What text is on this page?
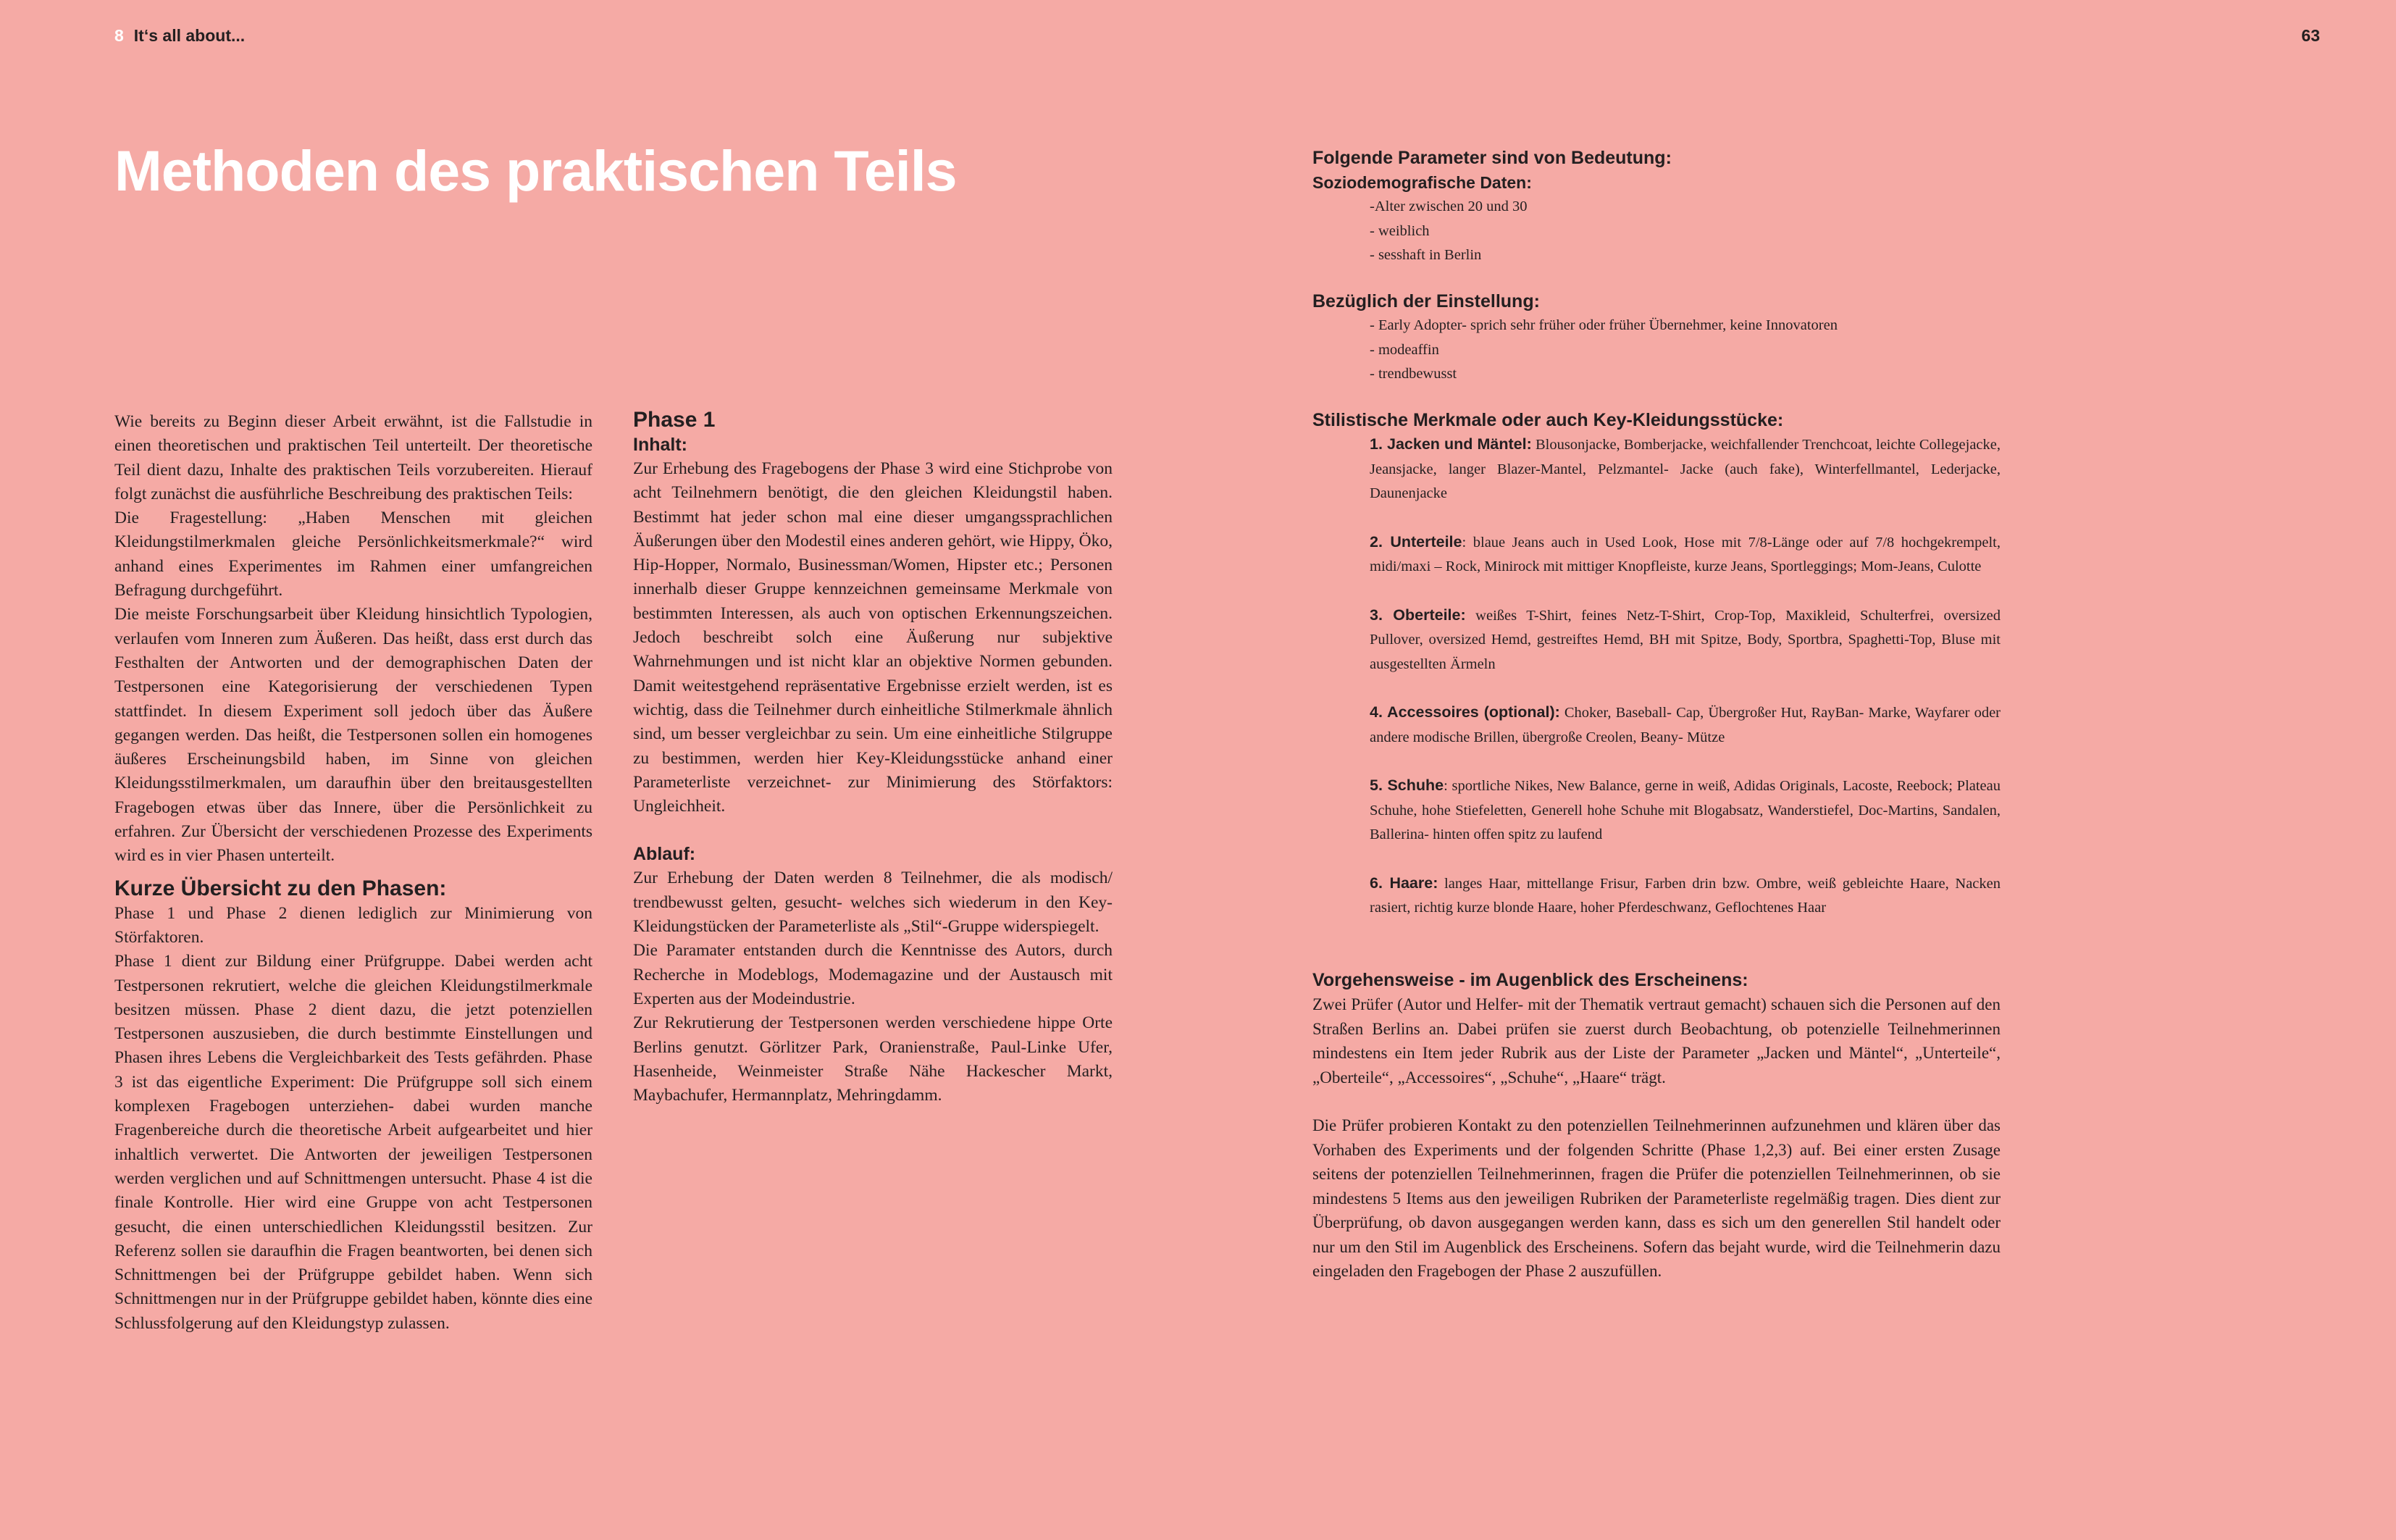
8 It‘s all about...	63
Methoden des praktischen Teils

Wie bereits zu Beginn dieser Arbeit erwähnt, ist die Fallstudie in einen theoretischen und praktischen Teil unterteilt. Der theoretische Teil dient dazu, Inhalte des praktischen Teils vorzubereiten. Hierauf folgt zunächst die ausführliche Beschreibung des praktischen Teils:

Die Fragestellung: „Haben Menschen mit gleichen Kleidungstilmerkmalen gleiche Persönlichkeitsmerkmale?“ wird anhand eines Experimentes im Rahmen einer umfangreichen Befragung durchgeführt.

Die meiste Forschungsarbeit über Kleidung hinsichtlich Typologien, verlaufen vom Inneren zum Äußeren. Das heißt, dass erst durch das Festhalten der Antworten und der demographischen Daten der Testpersonen eine Kategorisierung der verschiedenen Typen stattfindet. In diesem Experiment soll jedoch über das Äußere gegangen werden. Das heißt, die Testpersonen sollen ein homogenes äußeres Erscheinungsbild haben, im Sinne von gleichen Kleidungsstilmerkmalen, um daraufhin über den breitausgestellten Fragebogen etwas über das Innere, über die Persönlichkeit zu erfahren. Zur Übersicht der verschiedenen Prozesse des Experiments wird es in vier Phasen unterteilt.

Kurze Übersicht zu den Phasen:

Phase 1 und Phase 2 dienen lediglich zur Minimierung von Störfaktoren.

Phase 1 dient zur Bildung einer Prüfgruppe. Dabei werden acht Testpersonen rekrutiert, welche die gleichen Kleidungstilmerkmale besitzen müssen. Phase 2 dient dazu, die jetzt potenziellen Testpersonen auszusieben, die durch bestimmte Einstellungen und Phasen ihres Lebens die Vergleichbarkeit des Tests gefährden. Phase 3 ist das eigentliche Experiment: Die Prüfgruppe soll sich einem komplexen Fragebogen unterziehen- dabei wurden manche Fragenbereiche durch die theoretische Arbeit aufgearbeitet und hier inhaltlich verwertet. Die Antworten der jeweiligen Testpersonen werden verglichen und auf Schnittmengen untersucht. Phase 4 ist die finale Kontrolle. Hier wird eine Gruppe von acht Testpersonen gesucht, die einen unterschiedlichen Kleidungsstil besitzen. Zur Referenz sollen sie daraufhin die Fragen beantworten, bei denen sich Schnittmengen bei der Prüfgruppe gebildet haben. Wenn sich Schnittmengen nur in der Prüfgruppe gebildet haben, könnte dies eine Schlussfolgerung auf den Kleidungstyp zulassen.

Phase 1

Inhalt:

Zur Erhebung des Fragebogens der Phase 3 wird eine Stichprobe von acht Teilnehmern benötigt, die den gleichen Kleidungstil haben. Bestimmt hat jeder schon mal eine dieser umgangssprachlichen Äußerungen über den Modestil eines anderen gehört, wie Hippy, Öko, Hip-Hopper, Normalo, Businessman/Women, Hipster etc.; Personen innerhalb dieser Gruppe kennzeichnen gemeinsame Merkmale von bestimmten Interessen, als auch von optischen Erkennungszeichen. Jedoch beschreibt solch eine Äußerung nur subjektive Wahrnehmungen und ist nicht klar an objektive Normen gebunden. Damit weitestgehend repräsentative Ergebnisse erzielt werden, ist es wichtig, dass die Teilnehmer durch einheitliche Stilmerkmale ähnlich sind, um besser vergleichbar zu sein. Um eine einheitliche Stilgruppe zu bestimmen, werden hier Key-Kleidungsstücke anhand einer Parameterliste verzeichnet- zur Minimierung des Störfaktors: Ungleichheit.

Ablauf:

Zur Erhebung der Daten werden 8 Teilnehmer, die als modisch/ trendbewusst gelten, gesucht- welches sich wiederum in den Key-Kleidungstücken der Parameterliste als „Stil“-Gruppe widerspiegelt.

Die Paramater entstanden durch die Kenntnisse des Autors, durch Recherche in Modeblogs, Modemagazine und der Austausch mit Experten aus der Modeindustrie.

Zur Rekrutierung der Testpersonen werden verschiedene hippe Orte Berlins genutzt. Görlitzer Park, Oranienstraße, Paul-Linke Ufer, Hasenheide, Weinmeister Straße Nähe Hackescher Markt, Maybachufer, Hermannplatz, Mehringdamm.

Folgende Parameter sind von Bedeutung:

Soziodemografische Daten:

-Alter zwischen 20 und 30
- weiblich
- sesshaft in Berlin

Bezüglich der Einstellung:

- Early Adopter- sprich sehr früher oder früher Übernehmer, keine Innovatoren
- modeaffin
- trendbewusst

Stilistische Merkmale oder auch Key-Kleidungsstücke:

1. Jacken und Mäntel: Blousonjacke, Bomberjacke, weichfallender Trenchcoat, leichte Collegejacke, Jeansjacke, langer Blazer-Mantel, Pelzmantel- Jacke (auch fake), Winterfellmantel, Lederjacke, Daunenjacke
2. Unterteile: blaue Jeans auch in Used Look, Hose mit 7/8-Länge oder auf 7/8 hochgekrempelt, midi/maxi – Rock, Minirock mit mittiger Knopfleiste, kurze Jeans, Sportleggings; Mom-Jeans, Culotte
3. Oberteile: weißes T-Shirt, feines Netz-T-Shirt, Crop-Top, Maxikleid, Schulterfrei, oversized Pullover, oversized Hemd, gestreiftes Hemd, BH mit Spitze, Body, Sportbra, Spaghetti-Top, Bluse mit ausgestellten Ärmeln
4. Accessoires (optional): Choker, Baseball- Cap, Übergroßer Hut, RayBan- Marke, Wayfarer oder andere modische Brillen, übergroße Creolen, Beany- Mütze
5. Schuhe: sportliche Nikes, New Balance, gerne in weiß, Adidas Originals, Lacoste, Reebock; Plateau Schuhe, hohe Stiefeletten, Generell hohe Schuhe mit Blogabsatz, Wanderstiefel, Doc-Martins, Sandalen, Ballerina- hinten offen spitz zu laufend
6. Haare: langes Haar, mittellange Frisur, Farben drin bzw. Ombre, weiß gebleichte Haare, Nacken rasiert, richtig kurze blonde Haare, hoher Pferdeschwanz, Geflochtenes Haar

Vorgehensweise - im Augenblick des Erscheinens:

Zwei Prüfer (Autor und Helfer- mit der Thematik vertraut gemacht) schauen sich die Personen auf den Straßen Berlins an. Dabei prüfen sie zuerst durch Beobachtung, ob potenzielle Teilnehmerinnen mindestens ein Item jeder Rubrik aus der Liste der Parameter „Jacken und Mäntel“, „Unterteile“, „Oberteile“, „Accessoires“, „Schuhe“, „Haare“ trägt.

Die Prüfer probieren Kontakt zu den potenziellen Teilnehmerinnen aufzunehmen und klären über das Vorhaben des Experiments und der folgenden Schritte (Phase 1,2,3) auf. Bei einer ersten Zusage seitens der potenziellen Teilnehmerinnen, fragen die Prüfer die potenziellen Teilnehmerinnen, ob sie mindestens 5 Items aus den jeweiligen Rubriken der Parameterliste regelmäßig tragen. Dies dient zur Überprüfung, ob davon ausgegangen werden kann, dass es sich um den generellen Stil handelt oder nur um den Stil im Augenblick des Erscheinens. Sofern das bejaht wurde, wird die Teilnehmerin dazu eingeladen den Fragebogen der Phase 2 auszufüllen.
